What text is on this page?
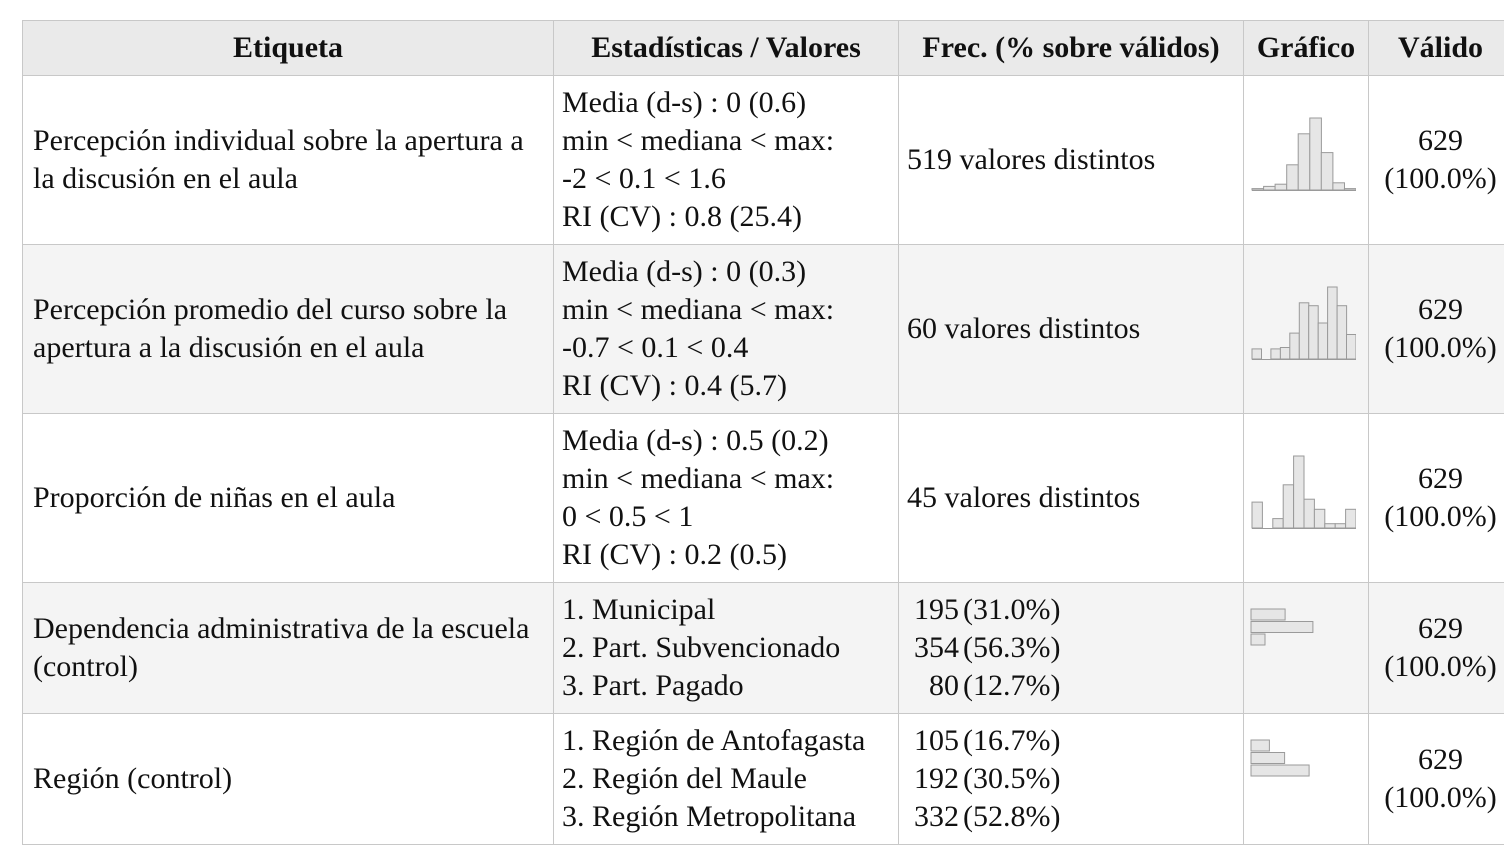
Etiqueta	Estadísticas / Valores	Frec. (% sobre válidos)	Gráfico	Válido
Percepción individual sobre la apertura a la discusión en el aula	Media (d-s) : 0 (0.6)
min < mediana < max:
-2 < 0.1 < 1.6
RI (CV) : 0.8 (25.4)	519 valores distintos		629
(100.0%)

Percepción promedio del curso sobre la apertura a la discusión en el aula	Media (d-s) : 0 (0.3)
min < mediana < max:
-0.7 < 0.1 < 0.4
RI (CV) : 0.4 (5.7)	60 valores distintos		629
(100.0%)

Proporción de niñas en el aula	Media (d-s) : 0.5 (0.2)
min < mediana < max:
0 < 0.5 < 1
RI (CV) : 0.2 (0.5)	45 valores distintos		629
(100.0%)

Dependencia administrativa de la escuela (control)	1. Municipal
2. Part. Subvencionado
3. Part. Pagado	195 (31.0%)
354 (56.3%)
80 (12.7%)		629
(100.0%)

Región (control)	1. Región de Antofagasta
2. Región del Maule
3. Región Metropolitana	105 (16.7%)
192 (30.5%)
332 (52.8%)		629
(100.0%)
